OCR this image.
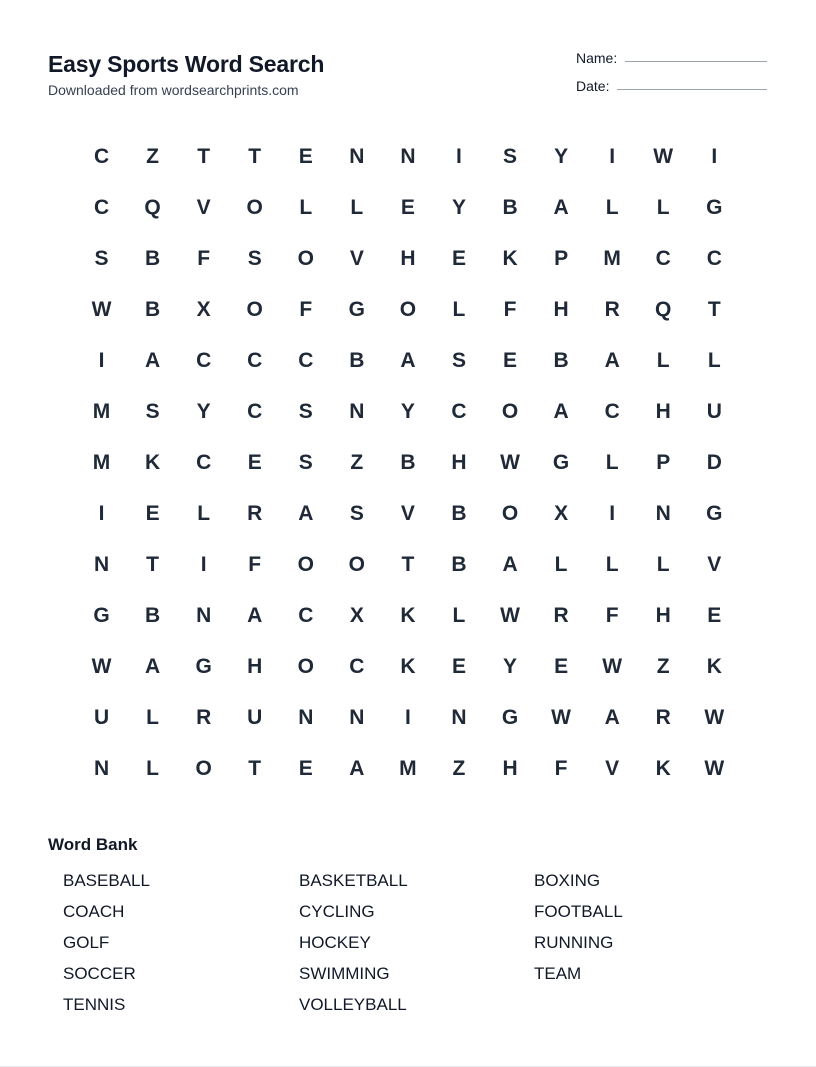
Easy Sports Word Search
Downloaded from wordsearchprints.com
Name:
Date:
C	Z	T	T	E	N	N	I	S	Y	I	W	I
C	Q	V	O	L	L	E	Y	B	A	L	L	G
S	B	F	S	O	V	H	E	K	P	M	C	C
W	B	X	O	F	G	O	L	F	H	R	Q	T
I	A	C	C	C	B	A	S	E	B	A	L	L
M	S	Y	C	S	N	Y	C	O	A	C	H	U
M	K	C	E	S	Z	B	H	W	G	L	P	D
I	E	L	R	A	S	V	B	O	X	I	N	G
N	T	I	F	O	O	T	B	A	L	L	L	V
G	B	N	A	C	X	K	L	W	R	F	H	E
W	A	G	H	O	C	K	E	Y	E	W	Z	K
U	L	R	U	N	N	I	N	G	W	A	R	W
N	L	O	T	E	A	M	Z	H	F	V	K	W
Word Bank
BASEBALL
COACH
GOLF
SOCCER
TENNIS
BASKETBALL
CYCLING
HOCKEY
SWIMMING
VOLLEYBALL
BOXING
FOOTBALL
RUNNING
TEAM
